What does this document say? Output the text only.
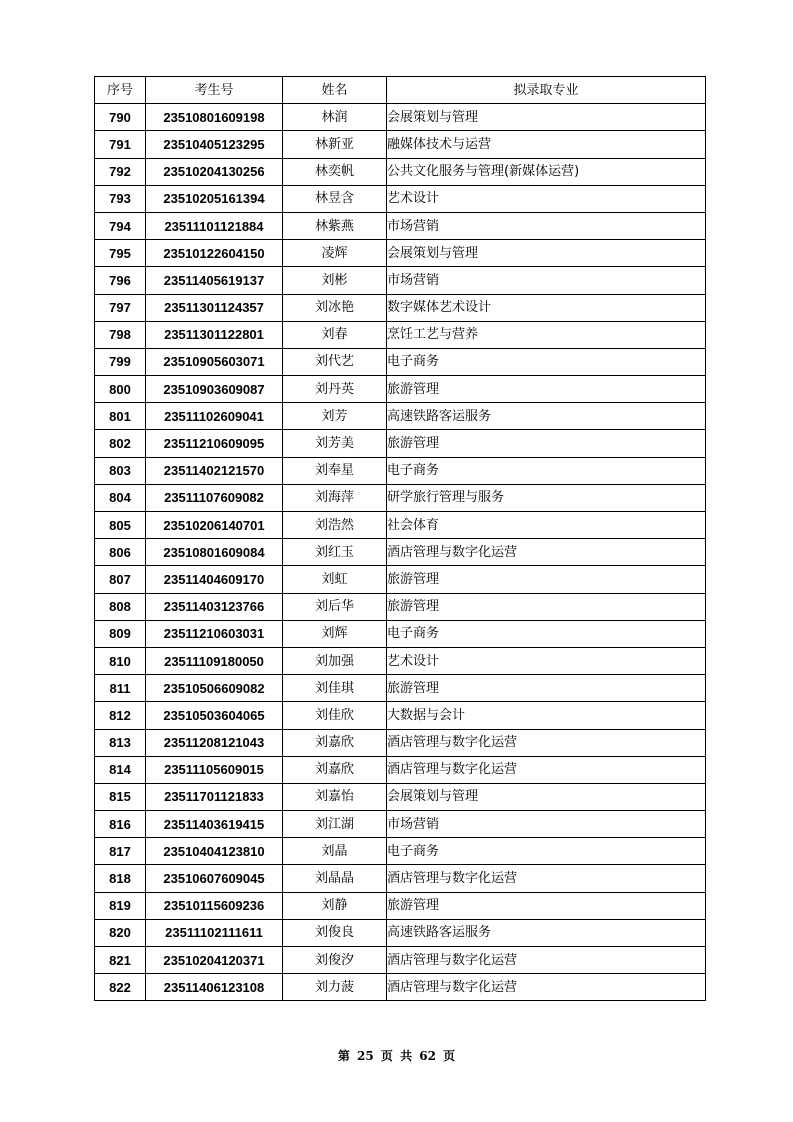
序号	考生号	姓名	拟录取专业
790	23510801609198	林润	会展策划与管理
791	23510405123295	林新亚	融媒体技术与运营
792	23510204130256	林奕帆	公共文化服务与管理(新媒体运营)
793	23510205161394	林昱含	艺术设计
794	23511101121884	林紫燕	市场营销
795	23510122604150	凌辉	会展策划与管理
796	23511405619137	刘彬	市场营销
797	23511301124357	刘冰艳	数字媒体艺术设计
798	23511301122801	刘春	烹饪工艺与营养
799	23510905603071	刘代艺	电子商务
800	23510903609087	刘丹英	旅游管理
801	23511102609041	刘芳	高速铁路客运服务
802	23511210609095	刘芳美	旅游管理
803	23511402121570	刘奉星	电子商务
804	23511107609082	刘海萍	研学旅行管理与服务
805	23510206140701	刘浩然	社会体育
806	23510801609084	刘红玉	酒店管理与数字化运营
807	23511404609170	刘虹	旅游管理
808	23511403123766	刘后华	旅游管理
809	23511210603031	刘辉	电子商务
810	23511109180050	刘加强	艺术设计
811	23510506609082	刘佳琪	旅游管理
812	23510503604065	刘佳欣	大数据与会计
813	23511208121043	刘嘉欣	酒店管理与数字化运营
814	23511105609015	刘嘉欣	酒店管理与数字化运营
815	23511701121833	刘嘉怡	会展策划与管理
816	23511403619415	刘江湖	市场营销
817	23510404123810	刘晶	电子商务
818	23510607609045	刘晶晶	酒店管理与数字化运营
819	23510115609236	刘静	旅游管理
820	23511102111611	刘俊良	高速铁路客运服务
821	23510204120371	刘俊汐	酒店管理与数字化运营
822	23511406123108	刘力菠	酒店管理与数字化运营
第 25 页 共 62 页
